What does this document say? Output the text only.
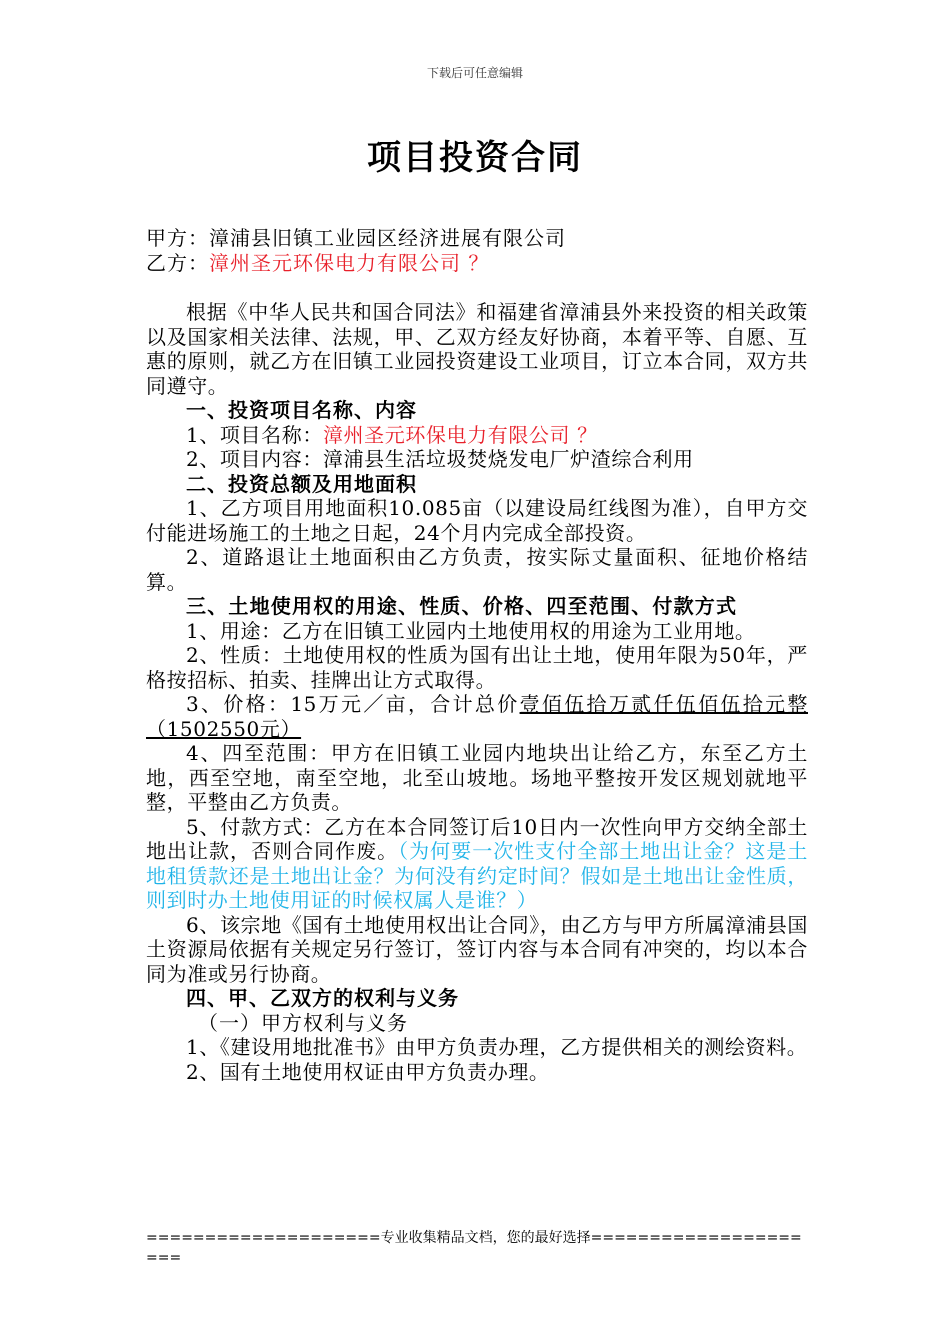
下载后可任意编辑
项目投资合同

甲方：漳浦县旧镇工业园区经济进展有限公司

乙方：漳州圣元环保电力有限公司 ？

根据《中华人民共和国合同法》和福建省漳浦县外来投资的相关政策以及国家相关法律、法规，甲、乙双方经友好协商，本着平等、自愿、互惠的原则，就乙方在旧镇工业园投资建设工业项目，订立本合同，双方共同遵守。

一、投资项目名称、内容

1、项目名称：漳州圣元环保电力有限公司 ？

2、项目内容：漳浦县生活垃圾焚烧发电厂炉渣综合利用

二、投资总额及用地面积

1、乙方项目用地面积10.085亩（以建设局红线图为准），自甲方交付能进场施工的土地之日起，24个月内完成全部投资。

2、道路退让土地面积由乙方负责，按实际丈量面积、征地价格结算。

三、土地使用权的用途、性质、价格、四至范围、付款方式

1、用途：乙方在旧镇工业园内土地使用权的用途为工业用地。

2、性质：土地使用权的性质为国有出让土地，使用年限为50年，严格按招标、拍卖、挂牌出让方式取得。

3、价格：15万元／亩，合计总价壹佰伍拾万贰仟伍佰伍拾元整（1502550元）

4、四至范围：甲方在旧镇工业园内地块出让给乙方，东至乙方土地，西至空地，南至空地，北至山坡地。场地平整按开发区规划就地平整，平整由乙方负责。

5、付款方式：乙方在本合同签订后10日内一次性向甲方交纳全部土地出让款，否则合同作废。（为何要一次性支付全部土地出让金？这是土地租赁款还是土地出让金？为何没有约定时间？假如是土地出让金性质，则到时办土地使用证的时候权属人是谁？）

6、该宗地《国有土地使用权出让合同》，由乙方与甲方所属漳浦县国土资源局依据有关规定另行签订，签订内容与本合同有冲突的，均以本合同为准或另行协商。

四、甲、乙双方的权利与义务

（一）甲方权利与义务

1、《建设用地批准书》由甲方负责办理，乙方提供相关的测绘资料。

2、国有土地使用权证由甲方负责办理。

====================专业收集精品文档，您的最好选择=====================
